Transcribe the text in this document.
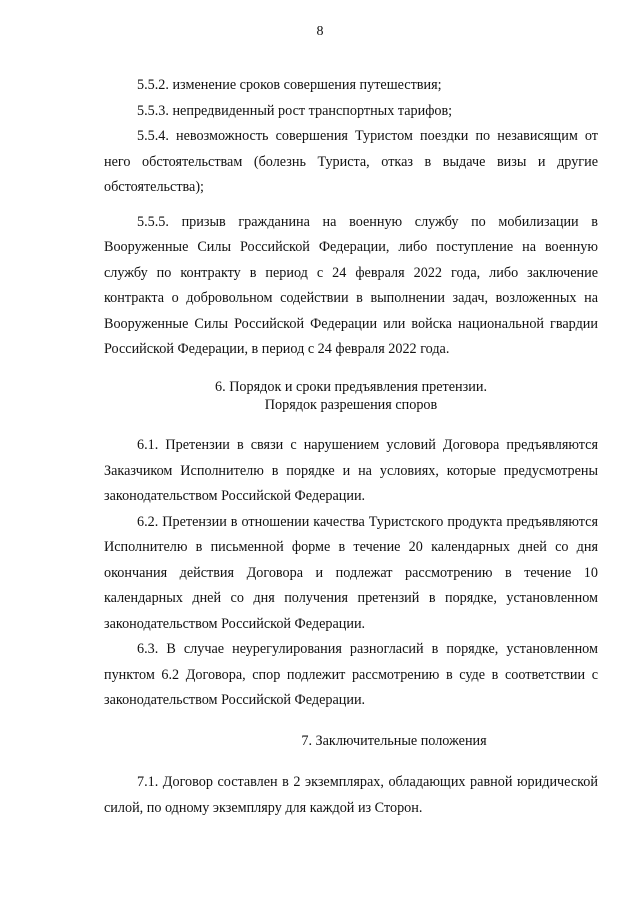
8

5.5.2. изменение сроков совершения путешествия;

5.5.3. непредвиденный рост транспортных тарифов;

5.5.4. невозможность совершения Туристом поездки по независящим от него обстоятельствам (болезнь Туриста, отказ в выдаче визы и другие обстоятельства);

5.5.5. призыв гражданина на военную службу по мобилизации в Вооруженные Силы Российской Федерации, либо поступление на военную службу по контракту в период с 24 февраля 2022 года, либо заключение контракта о добровольном содействии в выполнении задач, возложенных на Вооруженные Силы Российской Федерации или войска национальной гвардии Российской Федерации, в период с 24 февраля 2022 года.

6. Порядок и сроки предъявления претензии.

Порядок разрешения споров

6.1. Претензии в связи с нарушением условий Договора предъявляются Заказчиком Исполнителю в порядке и на условиях, которые предусмотрены законодательством Российской Федерации.

6.2. Претензии в отношении качества Туристского продукта предъявляются Исполнителю в письменной форме в течение 20 календарных дней со дня окончания действия Договора и подлежат рассмотрению в течение 10 календарных дней со дня получения претензий в порядке, установленном законодательством Российской Федерации.

6.3. В случае неурегулирования разногласий в порядке, установленном пунктом 6.2 Договора, спор подлежит рассмотрению в суде в соответствии с законодательством Российской Федерации.

7. Заключительные положения

7.1. Договор составлен в 2 экземплярах, обладающих равной юридической силой, по одному экземпляру для каждой из Сторон.
